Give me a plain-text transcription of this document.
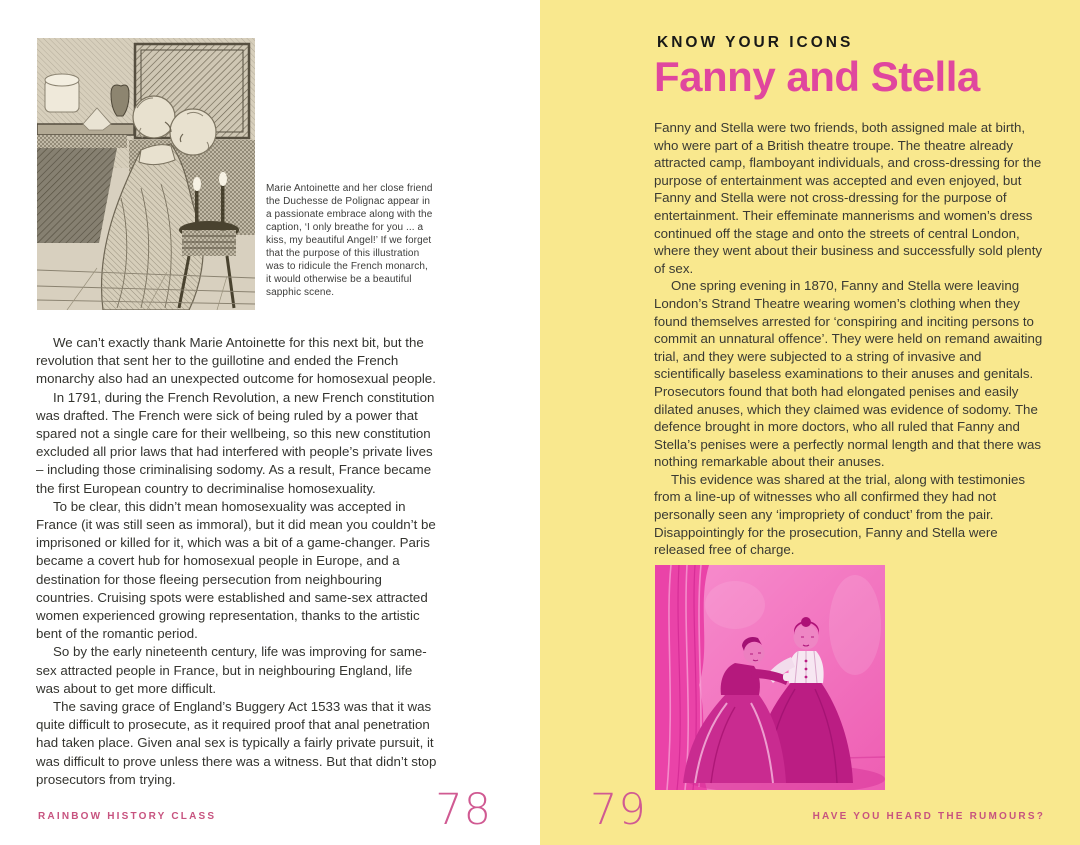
Marie Antoinette and her close friend the Duchesse de Polignac appear in a passionate embrace along with the caption, ‘I only breathe for you ... a kiss, my beautiful Angel!’ If we forget that the purpose of this illustration was to ridicule the French monarch, it would otherwise be a beautiful sapphic scene.

We can’t exactly thank Marie Antoinette for this next bit, but the revolution that sent her to the guillotine and ended the French monarchy also had an unexpected outcome for homosexual people.

In 1791, during the French Revolution, a new French constitution was drafted. The French were sick of being ruled by a power that spared not a single care for their wellbeing, so this new constitution excluded all prior laws that had interfered with people’s private lives – including those criminalising sodomy. As a result, France became the first European country to decriminalise homosexuality.

To be clear, this didn’t mean homosexuality was accepted in France (it was still seen as immoral), but it did mean you couldn’t be imprisoned or killed for it, which was a bit of a game-changer. Paris became a covert hub for homosexual people in Europe, and a destination for those fleeing persecution from neighbouring countries. Cruising spots were established and same-sex attracted women experienced growing representation, thanks to the artistic bent of the romantic period.

So by the early nineteenth century, life was improving for same-sex attracted people in France, but in neighbouring England, life was about to get more difficult.

The saving grace of England’s Buggery Act 1533 was that it was quite difficult to prosecute, as it required proof that anal penetration had taken place. Given anal sex is typically a fairly private pursuit, it was difficult to prove unless there was a witness. But that didn’t stop prosecutors from trying.

RAINBOW HISTORY CLASS	78
KNOW YOUR ICONS
Fanny and Stella

Fanny and Stella were two friends, both assigned male at birth, who were part of a British theatre troupe. The theatre already attracted camp, flamboyant individuals, and cross-dressing for the purpose of entertainment was accepted and even enjoyed, but Fanny and Stella were not cross-dressing for the purpose of entertainment. Their effeminate mannerisms and women’s dress continued off the stage and onto the streets of central London, where they went about their business and successfully sold plenty of sex.

One spring evening in 1870, Fanny and Stella were leaving London’s Strand Theatre wearing women’s clothing when they found themselves arrested for ‘conspiring and inciting persons to commit an unnatural offence’. They were held on remand awaiting trial, and they were subjected to a string of invasive and scientifically baseless examinations to their anuses and genitals. Prosecutors found that both had elongated penises and easily dilated anuses, which they claimed was evidence of sodomy. The defence brought in more doctors, who all ruled that Fanny and Stella’s penises were a perfectly normal length and that there was nothing remarkable about their anuses.

This evidence was shared at the trial, along with testimonies from a line-up of witnesses who all confirmed they had not personally seen any ‘impropriety of conduct’ from the pair. Disappointingly for the prosecution, Fanny and Stella were released free of charge.

79	HAVE YOU HEARD THE RUMOURS?
